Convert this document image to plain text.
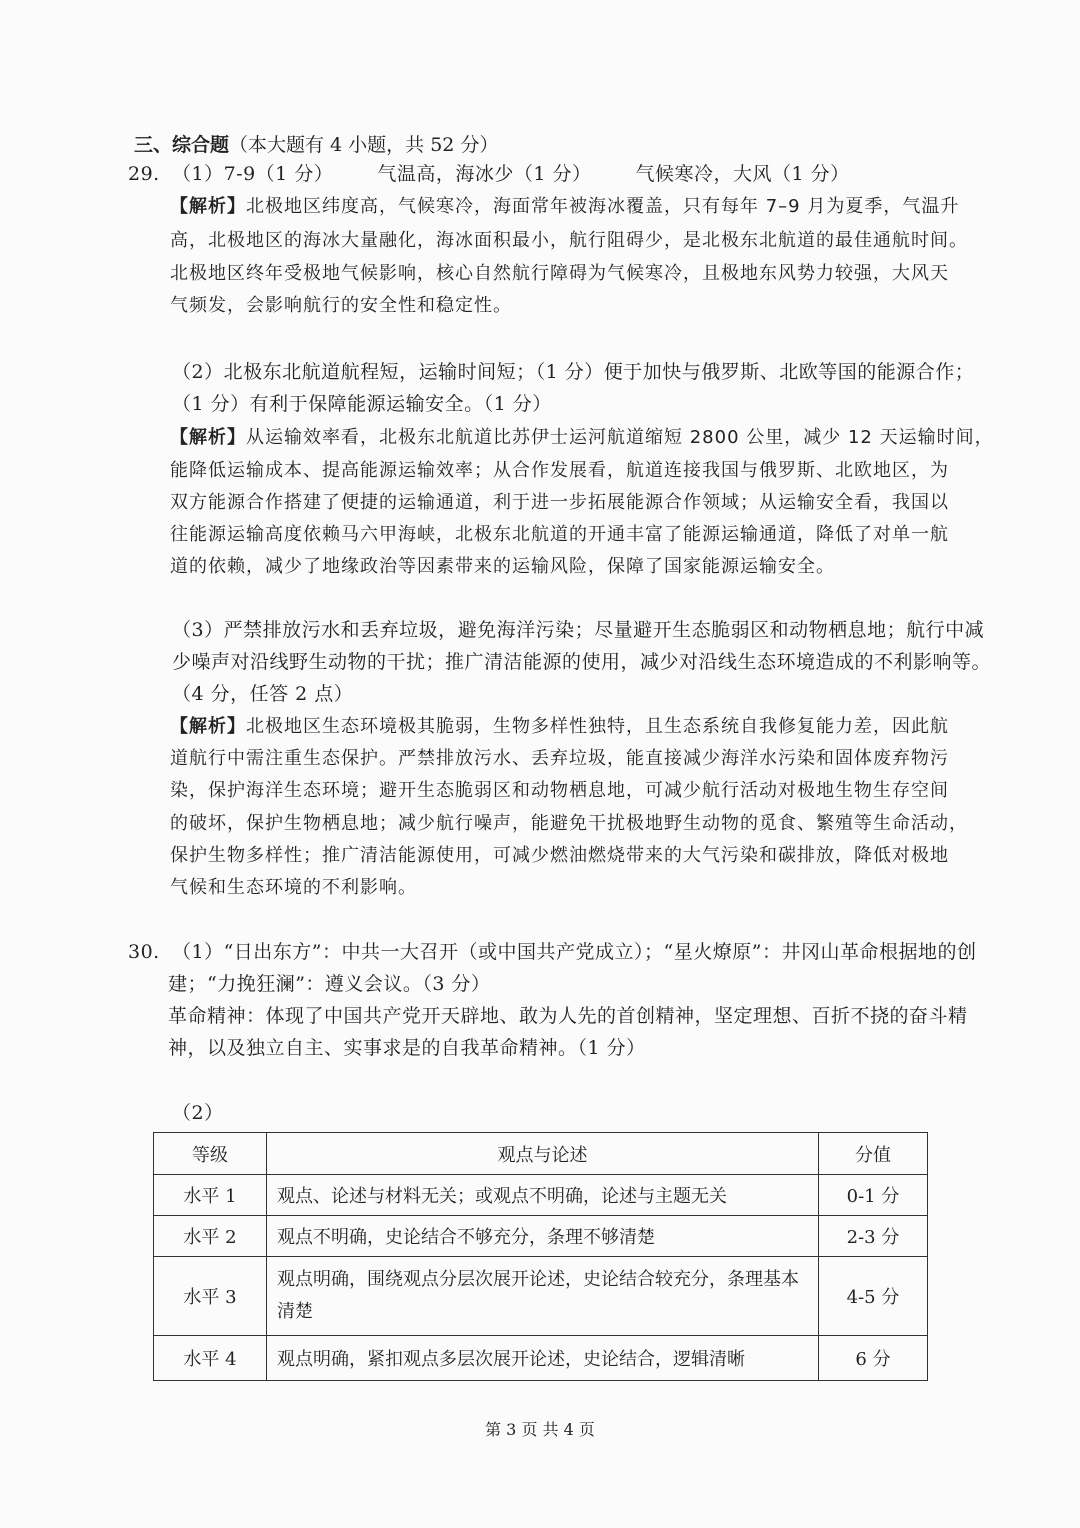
三、综合题（本大题有 4 小题，共 52 分）
29. （1）7-9（1 分） 气温高，海冰少（1 分） 气候寒冷，大风（1 分）
【解析】北极地区纬度高，气候寒冷，海面常年被海冰覆盖，只有每年 7–9 月为夏季，气温升
高，北极地区的海冰大量融化，海冰面积最小，航行阻碍少，是北极东北航道的最佳通航时间。
北极地区终年受极地气候影响，核心自然航行障碍为气候寒冷，且极地东风势力较强，大风天
气频发，会影响航行的安全性和稳定性。
（2）北极东北航道航程短，运输时间短；（1 分）便于加快与俄罗斯、北欧等国的能源合作；
（1 分）有利于保障能源运输安全。（1 分）
【解析】从运输效率看，北极东北航道比苏伊士运河航道缩短 2800 公里，减少 12 天运输时间，
能降低运输成本、提高能源运输效率；从合作发展看，航道连接我国与俄罗斯、北欧地区，为
双方能源合作搭建了便捷的运输通道，利于进一步拓展能源合作领域；从运输安全看，我国以
往能源运输高度依赖马六甲海峡，北极东北航道的开通丰富了能源运输通道，降低了对单一航
道的依赖，减少了地缘政治等因素带来的运输风险，保障了国家能源运输安全。
（3）严禁排放污水和丢弃垃圾，避免海洋污染；尽量避开生态脆弱区和动物栖息地；航行中减
少噪声对沿线野生动物的干扰；推广清洁能源的使用，减少对沿线生态环境造成的不利影响等。
（4 分，任答 2 点）
【解析】北极地区生态环境极其脆弱，生物多样性独特，且生态系统自我修复能力差，因此航
道航行中需注重生态保护。严禁排放污水、丢弃垃圾，能直接减少海洋水污染和固体废弃物污
染，保护海洋生态环境；避开生态脆弱区和动物栖息地，可减少航行活动对极地生物生存空间
的破坏，保护生物栖息地；减少航行噪声，能避免干扰极地野生动物的觅食、繁殖等生命活动，
保护生物多样性；推广清洁能源使用，可减少燃油燃烧带来的大气污染和碳排放，降低对极地
气候和生态环境的不利影响。
30. （1）“日出东方”：中共一大召开（或中国共产党成立）；“星火燎原”：井冈山革命根据地的创
建；“力挽狂澜”：遵义会议。（3 分）
革命精神：体现了中国共产党开天辟地、敢为人先的首创精神，坚定理想、百折不挠的奋斗精
神，以及独立自主、实事求是的自我革命精神。（1 分）
（2）
等级	观点与论述	分值
水平 1	观点、论述与材料无关；或观点不明确，论述与主题无关	0-1 分
水平 2	观点不明确，史论结合不够充分，条理不够清楚	2-3 分
水平 3	观点明确，围绕观点分层次展开论述，史论结合较充分，条理基本清楚	4-5 分
水平 4	观点明确，紧扣观点多层次展开论述，史论结合，逻辑清晰	6 分
第 3 页 共 4 页
